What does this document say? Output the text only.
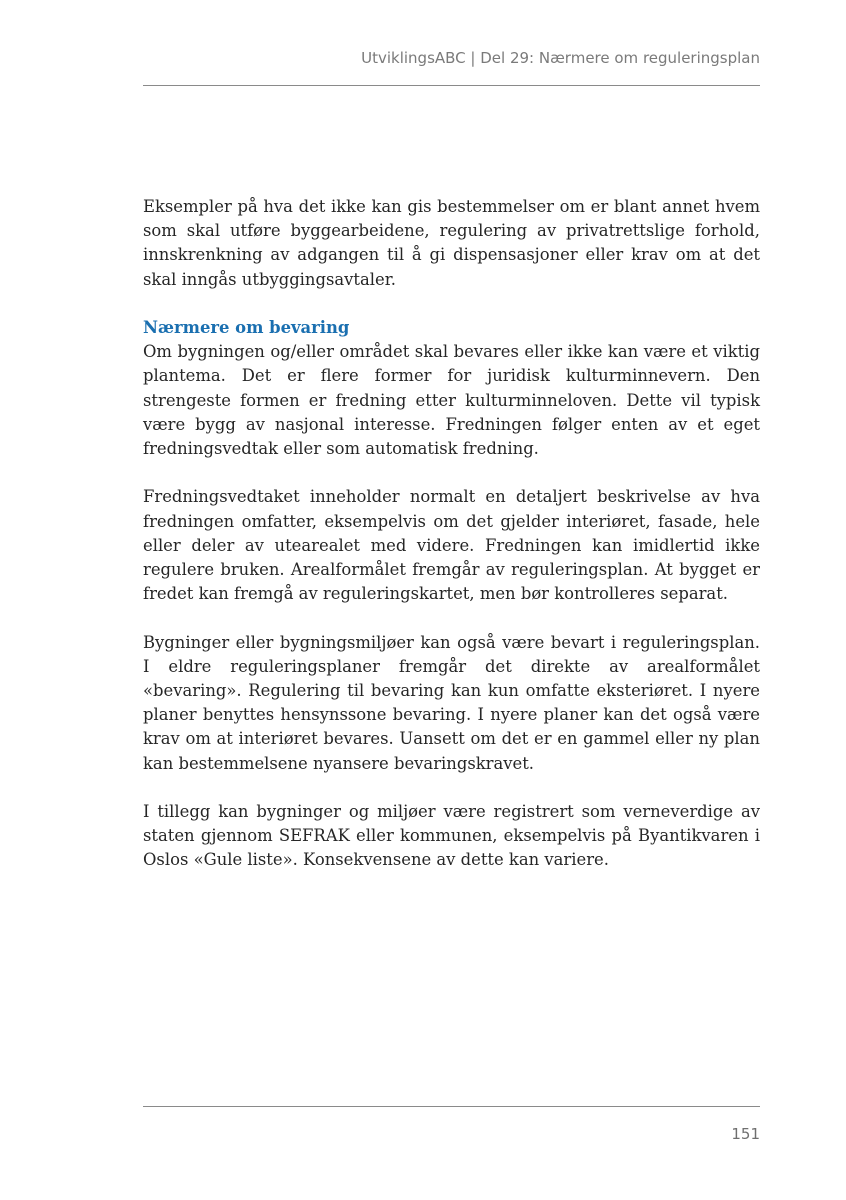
UtviklingsABC | Del 29: Nærmere om reguleringsplan

Eksempler på hva det ikke kan gis bestemmelser om er blant annet hvem som skal utføre byggearbeidene, regulering av privatrettslige forhold, innskrenkning av adgangen til å gi dispensasjoner eller krav om at det skal inngås utbyggingsavtaler.

Nærmere om bevaring

Om bygningen og/eller området skal bevares eller ikke kan være et viktig plantema. Det er flere former for juridisk kulturminnevern. Den strengeste formen er fredning etter kulturminneloven. Dette vil typisk være bygg av nasjonal interesse. Fredningen følger enten av et eget fredningsvedtak eller som automatisk fredning.

Fredningsvedtaket inneholder normalt en detaljert beskrivelse av hva fredningen omfatter, eksempelvis om det gjelder interiøret, fasade, hele eller deler av utearealet med videre. Fredningen kan imidlertid ikke regulere bruken. Arealformålet fremgår av reguleringsplan. At bygget er fredet kan fremgå av reguleringskartet, men bør kontrolleres separat.

Bygninger eller bygningsmiljøer kan også være bevart i reguleringsplan. I eldre reguleringsplaner fremgår det direkte av arealformålet «bevaring». Regulering til bevaring kan kun omfatte eksteriøret. I nyere planer benyttes hensynssone bevaring. I nyere planer kan det også være krav om at interiøret bevares. Uansett om det er en gammel eller ny plan kan bestemmelsene nyansere bevaringskravet.

I tillegg kan bygninger og miljøer være registrert som verneverdige av staten gjennom SEFRAK eller kommunen, eksempelvis på Byantikvaren i Oslos «Gule liste». Konsekvensene av dette kan variere.

151
